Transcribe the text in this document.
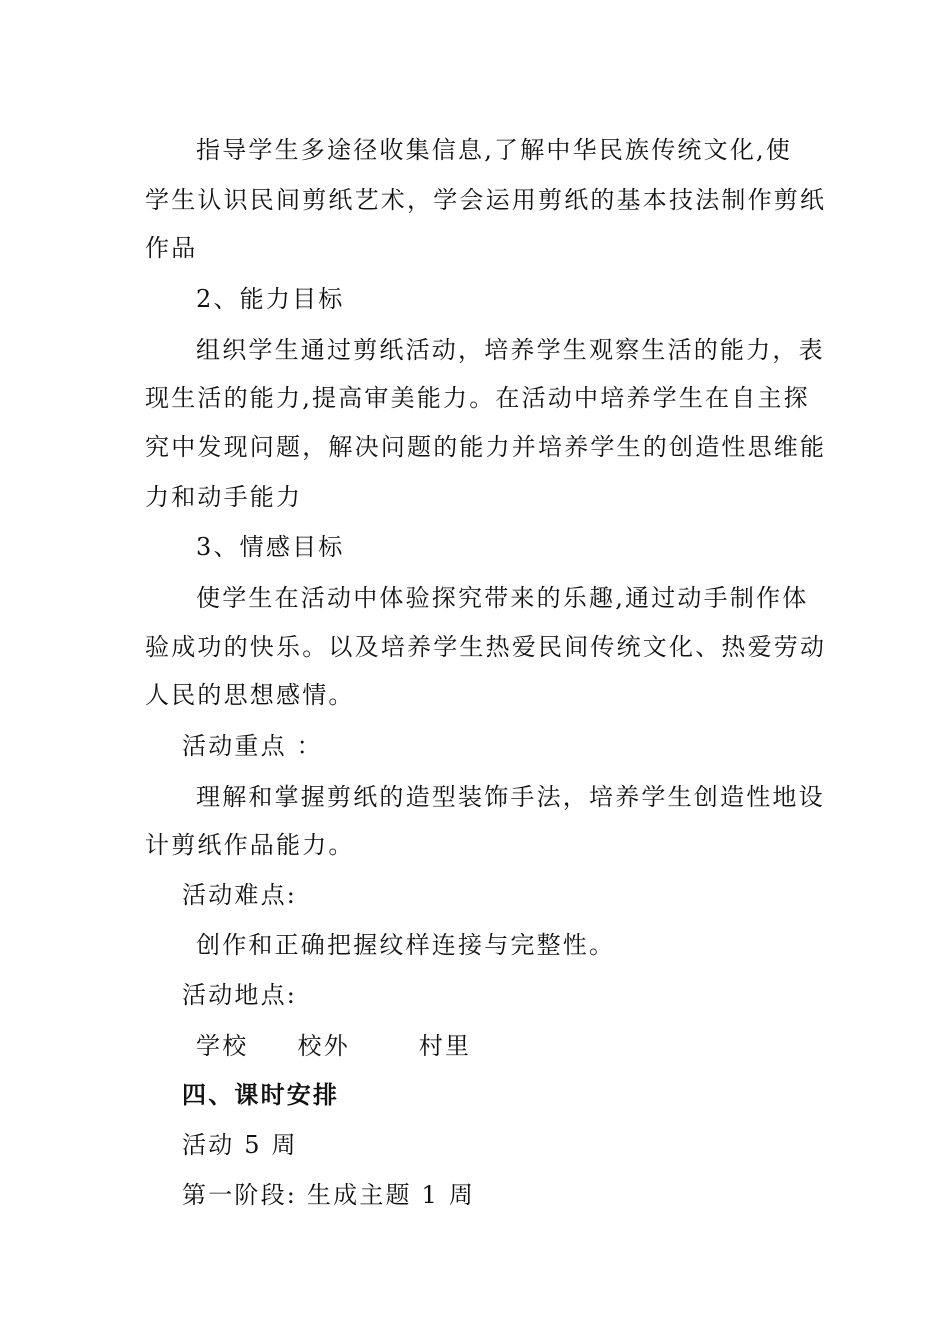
指导学生多途径收集信息,了解中华民族传统文化,使
学生认识民间剪纸艺术，学会运用剪纸的基本技法制作剪纸
作品
2、能力目标
组织学生通过剪纸活动，培养学生观察生活的能力，表
现生活的能力,提高审美能力。在活动中培养学生在自主探
究中发现问题，解决问题的能力并培养学生的创造性思维能
力和动手能力
3、情感目标
使学生在活动中体验探究带来的乐趣,通过动手制作体
验成功的快乐。以及培养学生热爱民间传统文化、热爱劳动
人民的思想感情。
活动重点 ：
理解和掌握剪纸的造型装饰手法，培养学生创造性地设
计剪纸作品能力。
活动难点:
创作和正确把握纹样连接与完整性。
活动地点:
学校     校外       村里
四、课时安排
活动 5 周
第一阶段: 生成主题 1 周
